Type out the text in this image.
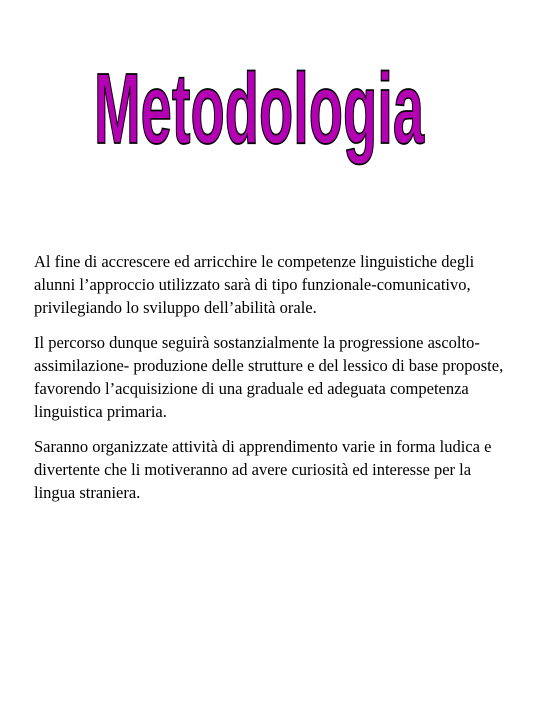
Metodologia

Al fine di accrescere ed arricchire le competenze linguistiche degli alunni l’approccio utilizzato sarà di tipo funzionale-comunicativo, privilegiando lo sviluppo dell’abilità orale.

Il percorso dunque seguirà sostanzialmente la progressione ascolto- assimilazione- produzione delle strutture e del lessico di base proposte, favorendo l’acquisizione di una graduale ed adeguata competenza linguistica primaria.

Saranno organizzate attività di apprendimento varie in forma ludica e divertente che li motiveranno ad avere curiosità ed interesse per la lingua straniera.
